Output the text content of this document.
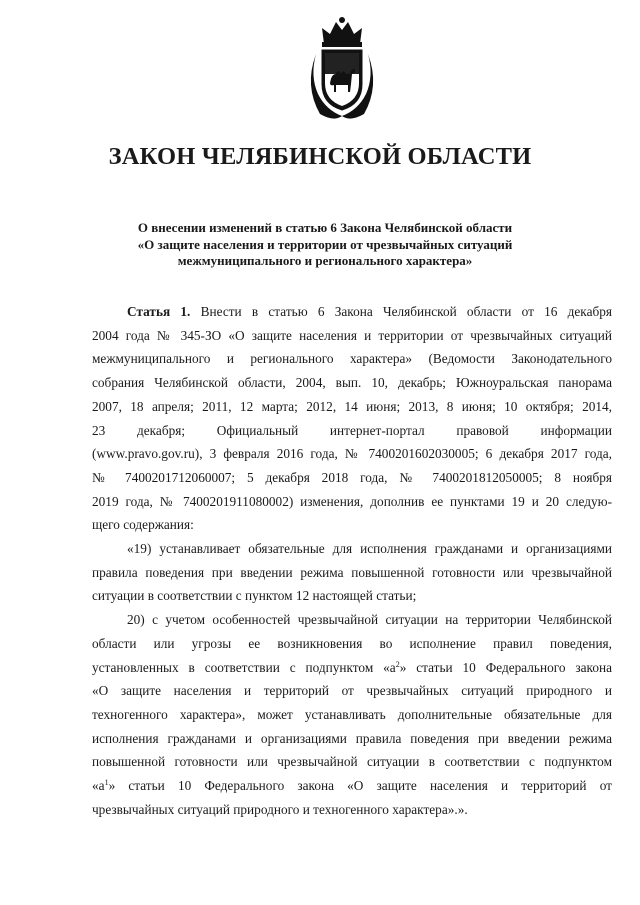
ЗАКОН ЧЕЛЯБИНСКОЙ ОБЛАСТИ
О внесении изменений в статью 6 Закона Челябинской области
«О защите населения и территории от чрезвычайных ситуаций
межмуниципального и регионального характера»
Статья 1. Внести в статью 6 Закона Челябинской области от 16 декабря
2004 года № 345-ЗО «О защите населения и территории от чрезвычайных ситуаций
межмуниципального и регионального характера» (Ведомости Законодательного
собрания Челябинской области, 2004, вып. 10, декабрь; Южноуральская панорама
2007, 18 апреля; 2011, 12 марта; 2012, 14 июня; 2013, 8 июня; 10 октября; 2014,
23 декабря; Официальный интернет-портал правовой информации
(www.pravo.gov.ru), 3 февраля 2016 года, № 7400201602030005; 6 декабря 2017 года,
№ 7400201712060007; 5 декабря 2018 года, № 7400201812050005; 8 ноября
2019 года, № 7400201911080002) изменения, дополнив ее пунктами 19 и 20 следую-
щего содержания:
«19) устанавливает обязательные для исполнения гражданами и организациями
правила поведения при введении режима повышенной готовности или чрезвычайной
ситуации в соответствии с пунктом 12 настоящей статьи;
20) с учетом особенностей чрезвычайной ситуации на территории Челябинской
области или угрозы ее возникновения во исполнение правил поведения,
установленных в соответствии с подпунктом «$а^2$» статьи 10 Федерального закона
«О защите населения и территорий от чрезвычайных ситуаций природного и
техногенного характера», может устанавливать дополнительные обязательные для
исполнения гражданами и организациями правила поведения при введении режима
повышенной готовности или чрезвычайной ситуации в соответствии с подпунктом
«$а^1$» статьи 10 Федерального закона «О защите населения и территорий от
чрезвычайных ситуаций природного и техногенного характера».».
